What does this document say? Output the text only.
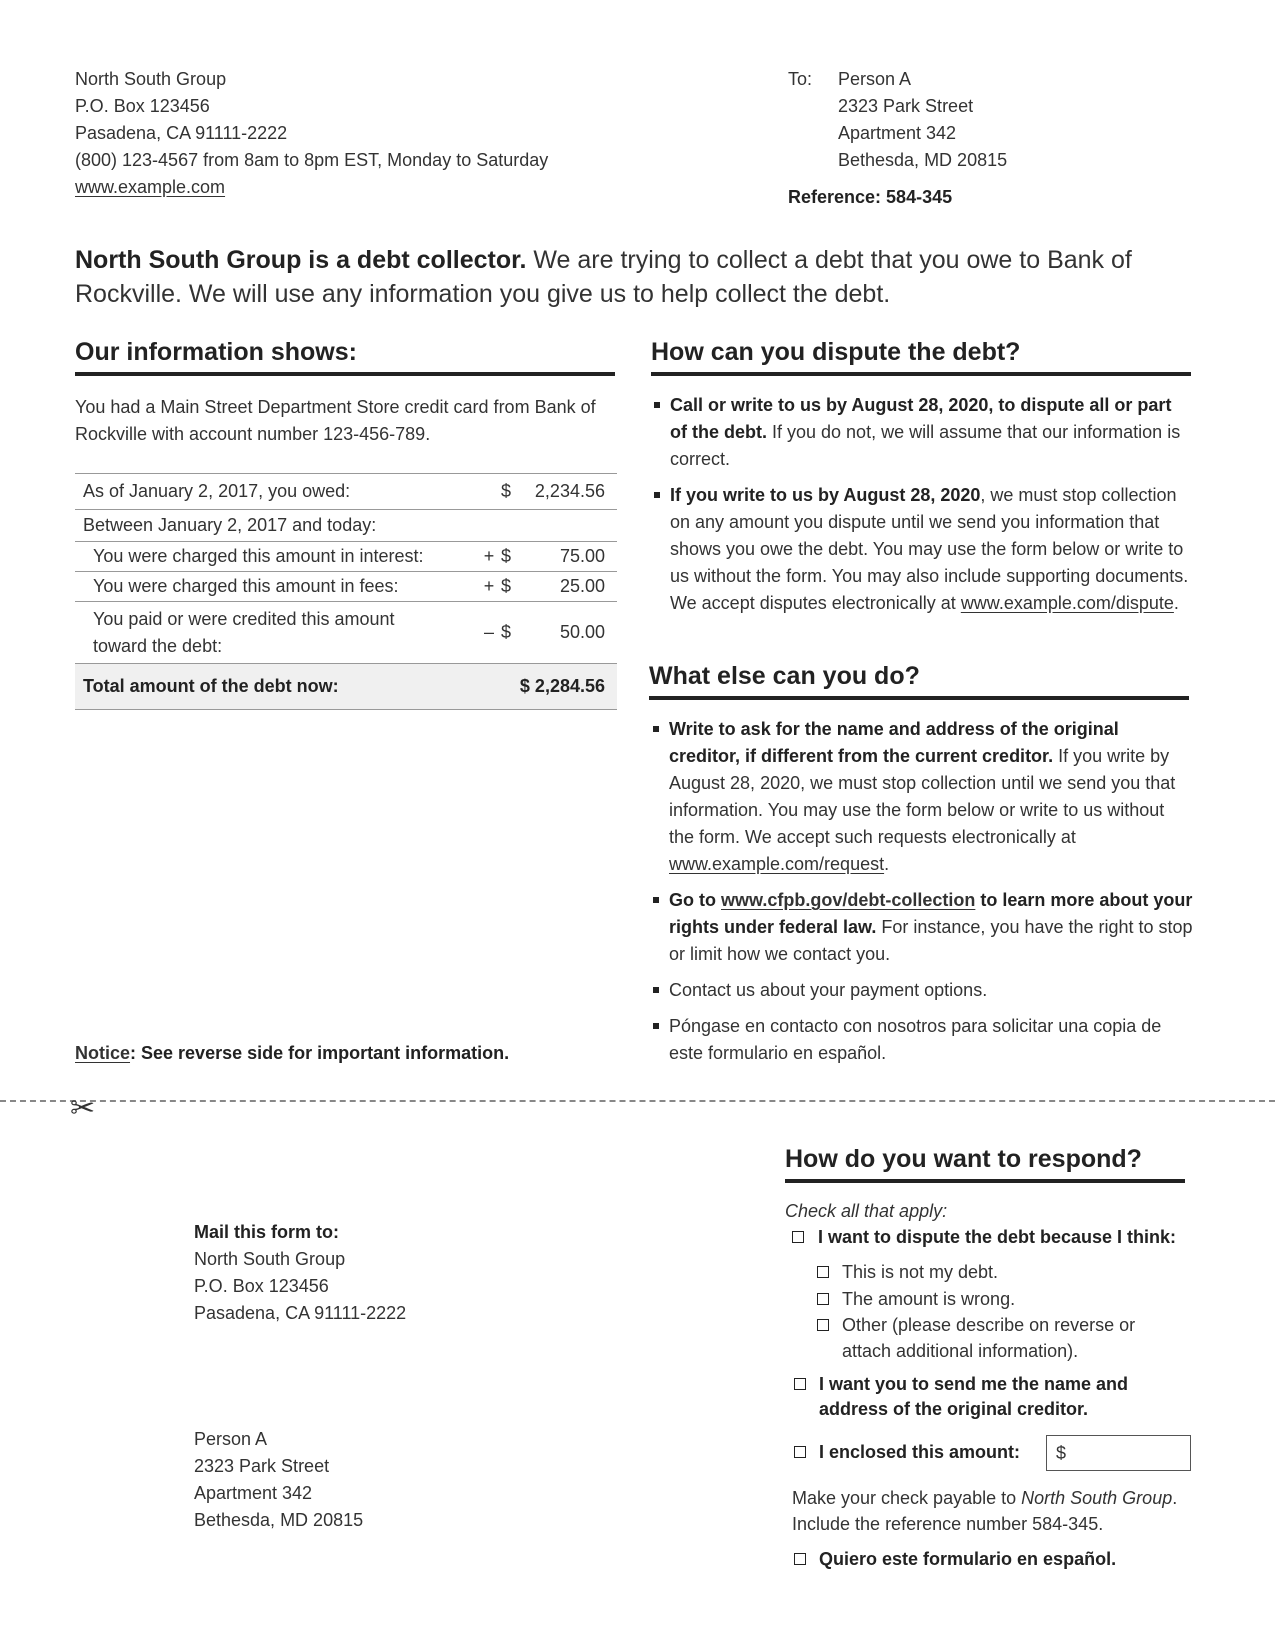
North South Group
P.O. Box 123456
Pasadena, CA 91111-2222
(800) 123-4567 from 8am to 8pm EST, Monday to Saturday
www.example.com
To: Person A
2323 Park Street
Apartment 342
Bethesda, MD 20815
Reference: 584-345
North South Group is a debt collector. We are trying to collect a debt that you owe to Bank of Rockville. We will use any information you give us to help collect the debt.
Our information shows:
You had a Main Street Department Store credit card from Bank of Rockville with account number 123-456-789.
As of January 2, 2017, you owed:		$	2,234.56
Between January 2, 2017 and today:			
You were charged this amount in interest:	+	$	75.00
You were charged this amount in fees:	+	$	25.00
You paid or were credited this amount toward the debt:	–	$	50.00
Total amount of the debt now:		$ 2,284.56	
Notice: See reverse side for important information.
How can you dispute the debt?
Call or write to us by August 28, 2020, to dispute all or part of the debt. If you do not, we will assume that our information is correct.
If you write to us by August 28, 2020, we must stop collection on any amount you dispute until we send you information that shows you owe the debt. You may use the form below or write to us without the form. You may also include supporting documents. We accept disputes electronically at www.example.com/dispute.
What else can you do?
Write to ask for the name and address of the original creditor, if different from the current creditor. If you write by August 28, 2020, we must stop collection until we send you that information. You may use the form below or write to us without the form. We accept such requests electronically at www.example.com/request.
Go to www.cfpb.gov/debt-collection to learn more about your rights under federal law. For instance, you have the right to stop or limit how we contact you.
Contact us about your payment options.
Póngase en contacto con nosotros para solicitar una copia de este formulario en español.
✂
Mail this form to:
North South Group
P.O. Box 123456
Pasadena, CA 91111-2222
Person A
2323 Park Street
Apartment 342
Bethesda, MD 20815
How do you want to respond?
Check all that apply:
I want to dispute the debt because I think:
This is not my debt.
The amount is wrong.
Other (please describe on reverse or
attach additional information).
I want you to send me the name and
address of the original creditor.
I enclosed this amount:	$
Make your check payable to North South Group. Include the reference number 584-345.
Quiero este formulario en español.
